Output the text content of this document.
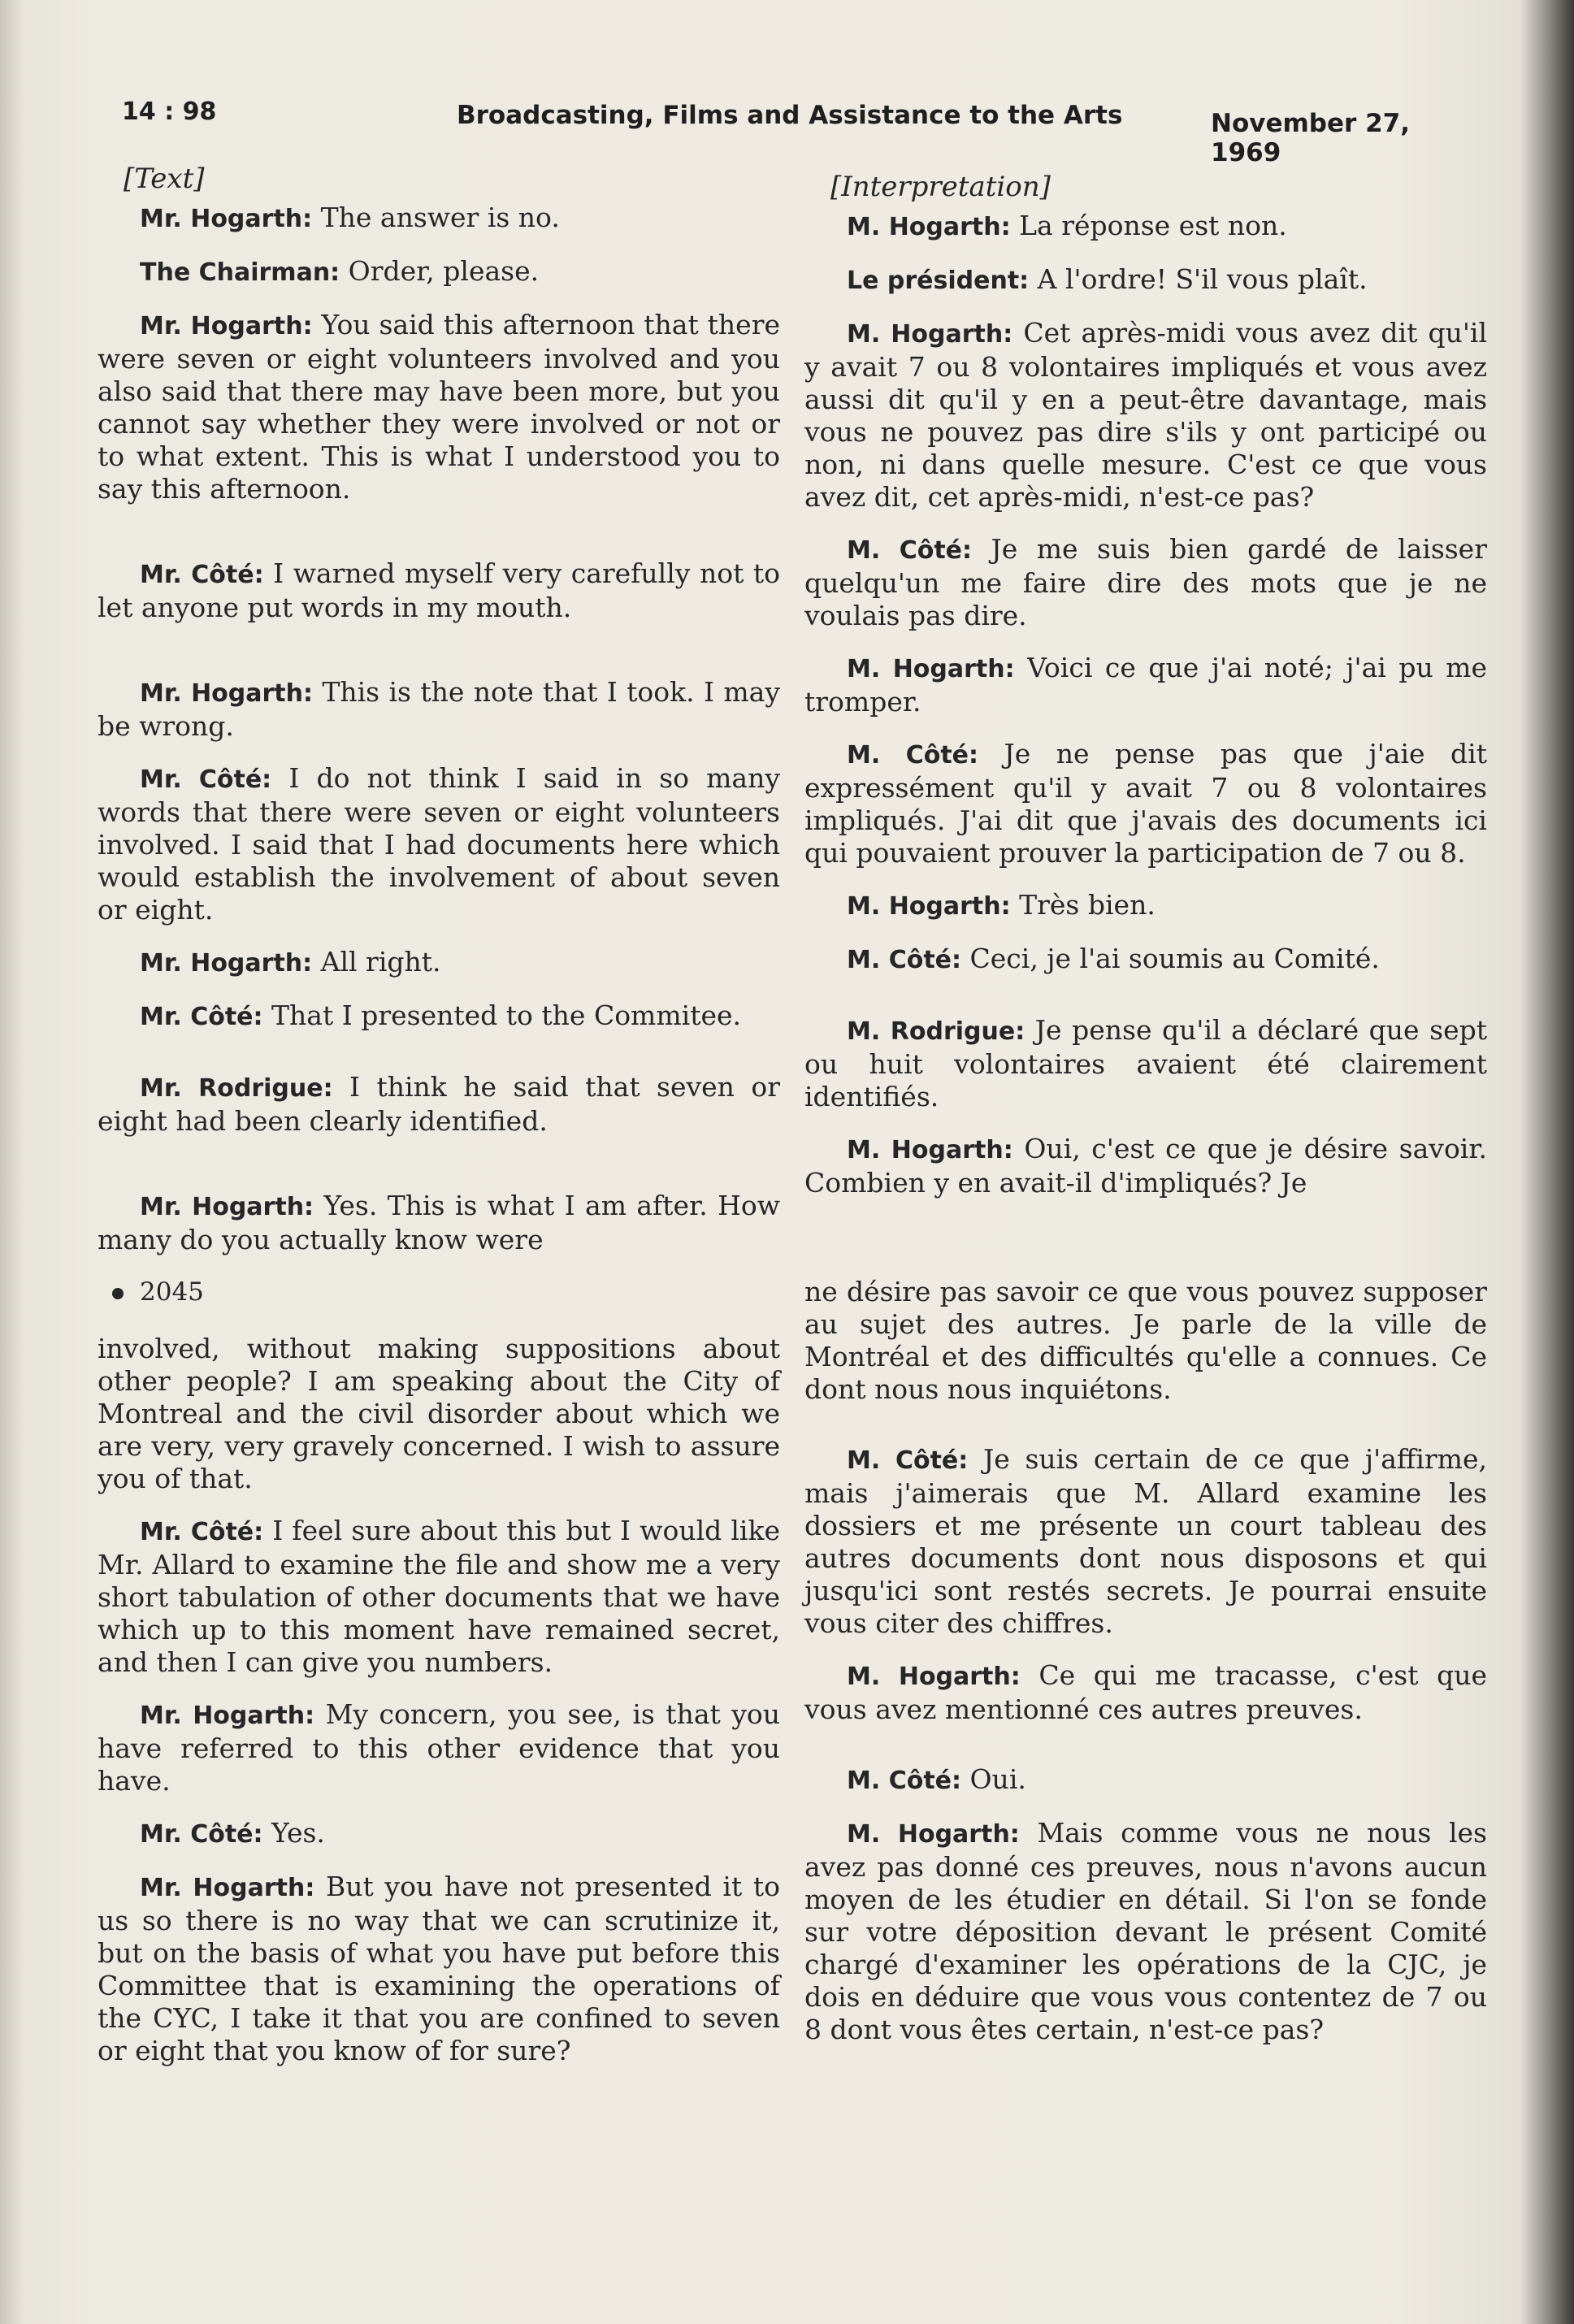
14 : 98	Broadcasting, Films and Assistance to the Arts	November 27, 1969
[Text]

Mr. Hogarth: The answer is no.

The Chairman: Order, please.

Mr. Hogarth: You said this afternoon that there were seven or eight volunteers involved and you also said that there may have been more, but you cannot say whether they were involved or not or to what extent. This is what I understood you to say this afternoon.

Mr. Côté: I warned myself very carefully not to let anyone put words in my mouth.

Mr. Hogarth: This is the note that I took. I may be wrong.

Mr. Côté: I do not think I said in so many words that there were seven or eight volunteers involved. I said that I had documents here which would establish the involvement of about seven or eight.

Mr. Hogarth: All right.

Mr. Côté: That I presented to the Commitee.

Mr. Rodrigue: I think he said that seven or eight had been clearly identified.

Mr. Hogarth: Yes. This is what I am after. How many do you actually know were

2045

involved, without making suppositions about other people? I am speaking about the City of Montreal and the civil disorder about which we are very, very gravely concerned. I wish to assure you of that.

Mr. Côté: I feel sure about this but I would like Mr. Allard to examine the file and show me a very short tabulation of other documents that we have which up to this moment have remained secret, and then I can give you numbers.

Mr. Hogarth: My concern, you see, is that you have referred to this other evidence that you have.

Mr. Côté: Yes.

Mr. Hogarth: But you have not presented it to us so there is no way that we can scrutinize it, but on the basis of what you have put before this Committee that is examining the operations of the CYC, I take it that you are confined to seven or eight that you know of for sure?

[Interpretation]

M. Hogarth: La réponse est non.

Le président: A l'ordre! S'il vous plaît.

M. Hogarth: Cet après-midi vous avez dit qu'il y avait 7 ou 8 volontaires impliqués et vous avez aussi dit qu'il y en a peut-être davantage, mais vous ne pouvez pas dire s'ils y ont participé ou non, ni dans quelle mesure. C'est ce que vous avez dit, cet après-midi, n'est-ce pas?

M. Côté: Je me suis bien gardé de laisser quelqu'un me faire dire des mots que je ne voulais pas dire.

M. Hogarth: Voici ce que j'ai noté; j'ai pu me tromper.

M. Côté: Je ne pense pas que j'aie dit expressément qu'il y avait 7 ou 8 volontaires impliqués. J'ai dit que j'avais des documents ici qui pouvaient prouver la participation de 7 ou 8.

M. Hogarth: Très bien.

M. Côté: Ceci, je l'ai soumis au Comité.

M. Rodrigue: Je pense qu'il a déclaré que sept ou huit volontaires avaient été clairement identifiés.

M. Hogarth: Oui, c'est ce que je désire savoir. Combien y en avait-il d'impliqués? Je

ne désire pas savoir ce que vous pouvez supposer au sujet des autres. Je parle de la ville de Montréal et des difficultés qu'elle a connues. Ce dont nous nous inquiétons.

M. Côté: Je suis certain de ce que j'affirme, mais j'aimerais que M. Allard examine les dossiers et me présente un court tableau des autres documents dont nous disposons et qui jusqu'ici sont restés secrets. Je pourrai ensuite vous citer des chiffres.

M. Hogarth: Ce qui me tracasse, c'est que vous avez mentionné ces autres preuves.

M. Côté: Oui.

M. Hogarth: Mais comme vous ne nous les avez pas donné ces preuves, nous n'avons aucun moyen de les étudier en détail. Si l'on se fonde sur votre déposition devant le présent Comité chargé d'examiner les opérations de la CJC, je dois en déduire que vous vous contentez de 7 ou 8 dont vous êtes certain, n'est-ce pas?
